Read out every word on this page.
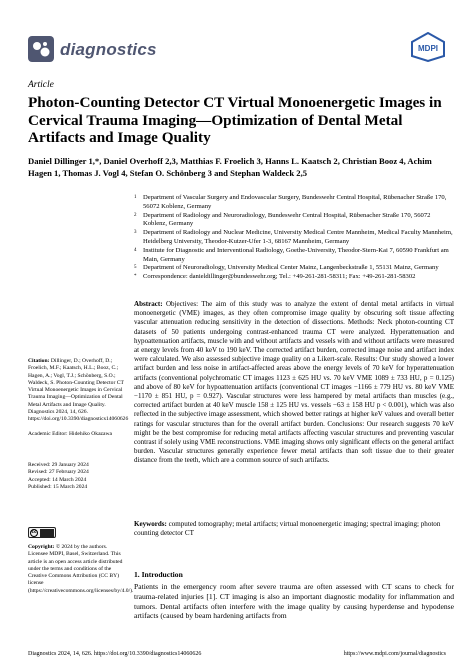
diagnostics	MDPI
Article
Photon-Counting Detector CT Virtual Monoenergetic Images in Cervical Trauma Imaging—Optimization of Dental Metal Artifacts and Image Quality
Daniel Dillinger 1,*, Daniel Overhoff 2,3, Matthias F. Froelich 3, Hanns L. Kaatsch 2, Christian Booz 4, Achim Hagen 1, Thomas J. Vogl 4, Stefan O. Schönberg 3 and Stephan Waldeck 2,5
1 Department of Vascular Surgery and Endovascular Surgery, Bundeswehr Central Hospital, Rübenacher Straße 170, 56072 Koblenz, Germany
2 Department of Radiology and Neuroradiology, Bundeswehr Central Hospital, Rübenacher Straße 170, 56072 Koblenz, Germany
3 Department of Radiology and Nuclear Medicine, University Medical Centre Mannheim, Medical Faculty Mannheim, Heidelberg University, Theodor-Kutzer-Ufer 1-3, 68167 Mannheim, Germany
4 Institute for Diagnostic and Interventional Radiology, Goethe-University, Theodor-Stern-Kai 7, 60590 Frankfurt am Main, Germany
5 Department of Neuroradiology, University Medical Center Mainz, Langenbeckstraße 1, 55131 Mainz, Germany
* Correspondence: danieldillinger@bundeswehr.org; Tel.: +49-261-281-58311; Fax: +49-261-281-58302
Abstract: Objectives: The aim of this study was to analyze the extent of dental metal artifacts in virtual monoenergetic (VME) images, as they often compromise image quality by obscuring soft tissue affecting vascular attenuation reducing sensitivity in the detection of dissections. Methods: Neck photon-counting CT datasets of 50 patients undergoing contrast-enhanced trauma CT were analyzed. Hyperattenuation and hypoattenuation artifacts, muscle with and without artifacts and vessels with and without artifacts were measured at energy levels from 40 keV to 190 keV. The corrected artifact burden, corrected image noise and artifact index were calculated. We also assessed subjective image quality on a Likert-scale. Results: Our study showed a lower artifact burden and less noise in artifact-affected areas above the energy levels of 70 keV for hyperattenuation artifacts (conventional polychromatic CT images 1123 ± 625 HU vs. 70 keV VME 1089 ± 733 HU, p = 0.125) and above of 80 keV for hypoattenuation artifacts (conventional CT images −1166 ± 779 HU vs. 80 keV VME −1170 ± 851 HU, p = 0.927). Vascular structures were less hampered by metal artifacts than muscles (e.g., corrected artifact burden at 40 keV muscle 158 ± 125 HU vs. vessels −63 ± 158 HU p < 0.001), which was also reflected in the subjective image assessment, which showed better ratings at higher keV values and overall better ratings for vascular structures than for the overall artifact burden. Conclusions: Our research suggests 70 keV might be the best compromise for reducing metal artifacts affecting vascular structures and preventing vascular contrast if solely using VME reconstructions. VME imaging shows only significant effects on the general artifact burden. Vascular structures generally experience fewer metal artifacts than soft tissue due to their greater distance from the teeth, which are a common source of such artifacts.
Keywords: computed tomography; metal artifacts; virtual monoenergetic imaging; spectral imaging; photon counting detector CT
Citation: Dillinger, D.; Overhoff, D.; Froelich, M.F.; Kaatsch, H.L.; Booz, C.; Hagen, A.; Vogl, T.J.; Schönberg, S.O.; Waldeck, S. Photon-Counting Detector CT Virtual Monoenergetic Images in Cervical Trauma Imaging—Optimization of Dental Metal Artifacts and Image Quality. Diagnostics 2024, 14, 626. https://doi.org/10.3390/diagnostics14060626
Academic Editor: Hidehiko Okazawa
Received: 29 January 2024
Revised: 27 February 2024
Accepted: 14 March 2024
Published: 15 March 2024
cc
Copyright: © 2024 by the authors. Licensee MDPI, Basel, Switzerland. This article is an open access article distributed under the terms and conditions of the Creative Commons Attribution (CC BY) license (https://creativecommons.org/licenses/by/4.0/).
1. Introduction
Patients in the emergency room after severe trauma are often assessed with CT scans to check for trauma-related injuries [1]. CT imaging is also an important diagnostic modality for inflammation and tumors. Dental artifacts often interfere with the image quality by causing hyperdense and hypodense artifacts (caused by beam hardening artifacts from
Diagnostics 2024, 14, 626. https://doi.org/10.3390/diagnostics14060626	https://www.mdpi.com/journal/diagnostics
